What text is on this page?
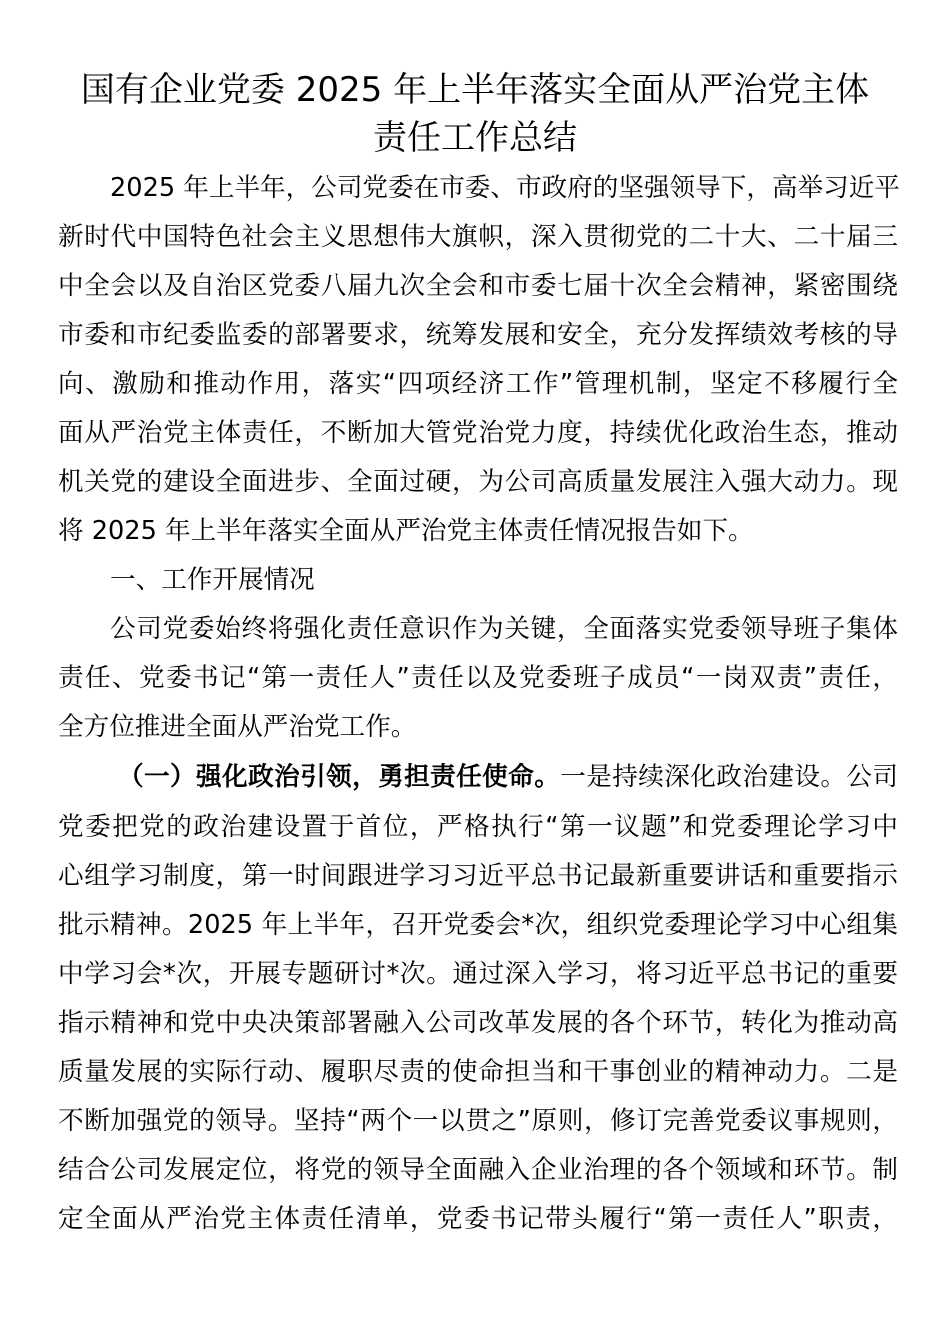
国有企业党委 2025 年上半年落实全面从严治党主体
责任工作总结
2025 年上半年，公司党委在市委、市政府的坚强领导下，高举习近平
新时代中国特色社会主义思想伟大旗帜，深入贯彻党的二十大、二十届三
中全会以及自治区党委八届九次全会和市委七届十次全会精神，紧密围绕
市委和市纪委监委的部署要求，统筹发展和安全，充分发挥绩效考核的导
向、激励和推动作用，落实“四项经济工作”管理机制，坚定不移履行全
面从严治党主体责任，不断加大管党治党力度，持续优化政治生态，推动
机关党的建设全面进步、全面过硬，为公司高质量发展注入强大动力。现
将 2025 年上半年落实全面从严治党主体责任情况报告如下。
一、工作开展情况
公司党委始终将强化责任意识作为关键，全面落实党委领导班子集体
责任、党委书记“第一责任人”责任以及党委班子成员“一岗双责”责任，
全方位推进全面从严治党工作。
（一）强化政治引领，勇担责任使命。一是持续深化政治建设。公司
党委把党的政治建设置于首位，严格执行“第一议题”和党委理论学习中
心组学习制度，第一时间跟进学习习近平总书记最新重要讲话和重要指示
批示精神。2025 年上半年，召开党委会*次，组织党委理论学习中心组集
中学习会*次，开展专题研讨*次。通过深入学习，将习近平总书记的重要
指示精神和党中央决策部署融入公司改革发展的各个环节，转化为推动高
质量发展的实际行动、履职尽责的使命担当和干事创业的精神动力。二是
不断加强党的领导。坚持“两个一以贯之”原则，修订完善党委议事规则，
结合公司发展定位，将党的领导全面融入企业治理的各个领域和环节。制
定全面从严治党主体责任清单，党委书记带头履行“第一责任人”职责，
